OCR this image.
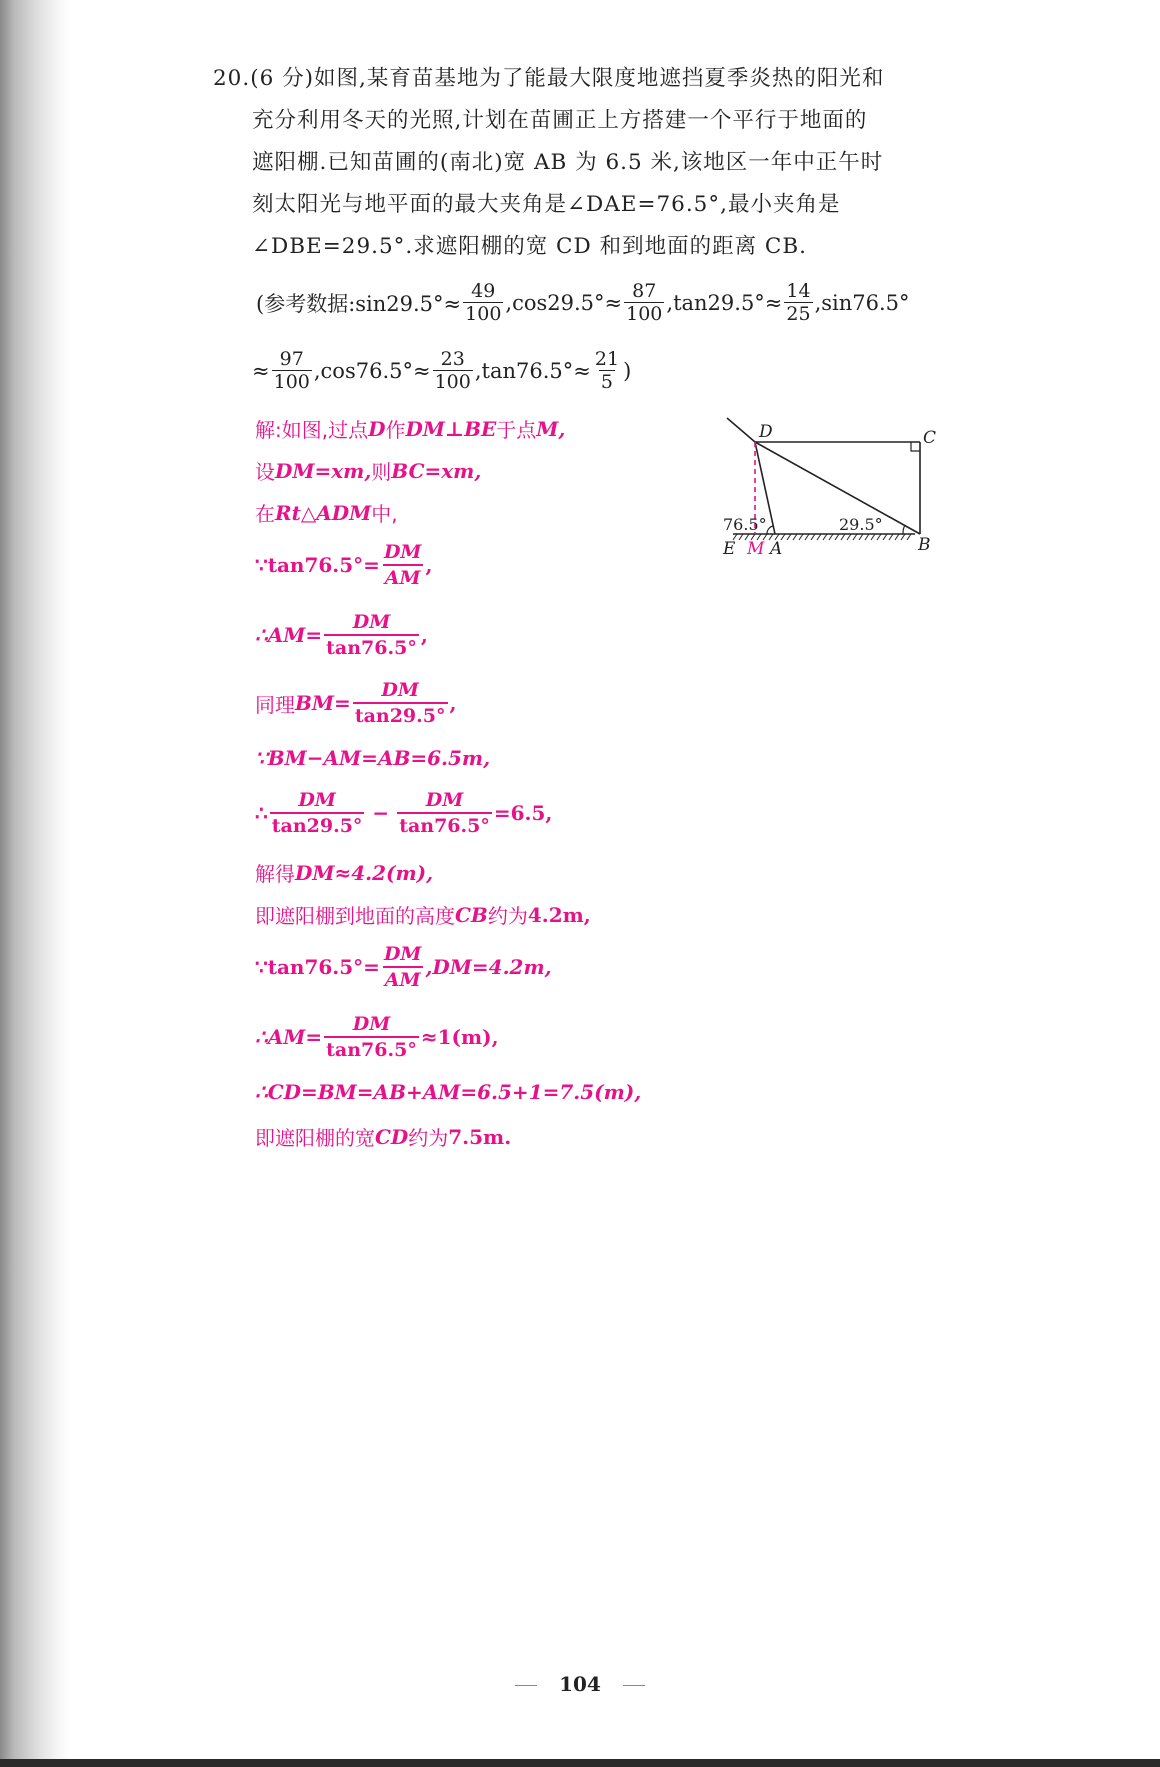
20.(6 分)如图,某育苗基地为了能最大限度地遮挡夏季炎热的阳光和
充分利用冬天的光照,计划在苗圃正上方搭建一个平行于地面的
遮阳棚.已知苗圃的(南北)宽 AB 为 6.5 米,该地区一年中正午时
刻太阳光与地平面的最大夹角是∠DAE=76.5°,最小夹角是
∠DBE=29.5°.求遮阳棚的宽 CD 和到地面的距离 CB.
(参考数据:sin29.5°≈ $\frac{49}{100} ,\cos 29.5^\circ\approx \frac{87}{100} ,\tan 29.5^\circ\approx \frac{14}{25} ,\sin 76.5^\circ$
≈ $\frac{97}{100} ,\cos 76.5^\circ\approx \frac{23}{100} ,\tan 76.5^\circ\approx \frac{21}{5}$ )
D	C
B
E M A
76.5°	29.5°
解:如图,过点 D 作 DM⊥BE 于点 M,
设 DM=xm, 则 BC=xm,
在 Rt△ADM 中,
∵tan76.5°= $\frac{DM}{AM}$ ,
∴AM= $\frac{DM}{\tan 76.5^\circ}$ ,
同理 $BM= \frac{DM}{\tan 29.5^\circ}$ ,
∵BM−AM=AB=6.5m,
∴ $\frac{DM}{\tan 29.5^\circ} - \frac{DM}{\tan 76.5^\circ} =6.5$,
解得 DM≈4.2(m),
即遮阳棚到地面的高度 CB 约为 4.2m,
∵tan76.5°= $\frac{DM}{AM} ,DM=4.2m$,
∴AM= $\frac{DM}{\tan 76.5^\circ} \approx 1(m)$,
∴CD=BM=AB+AM=6.5+1=7.5(m),
即遮阳棚的宽 CD 约为 7.5m.
104
